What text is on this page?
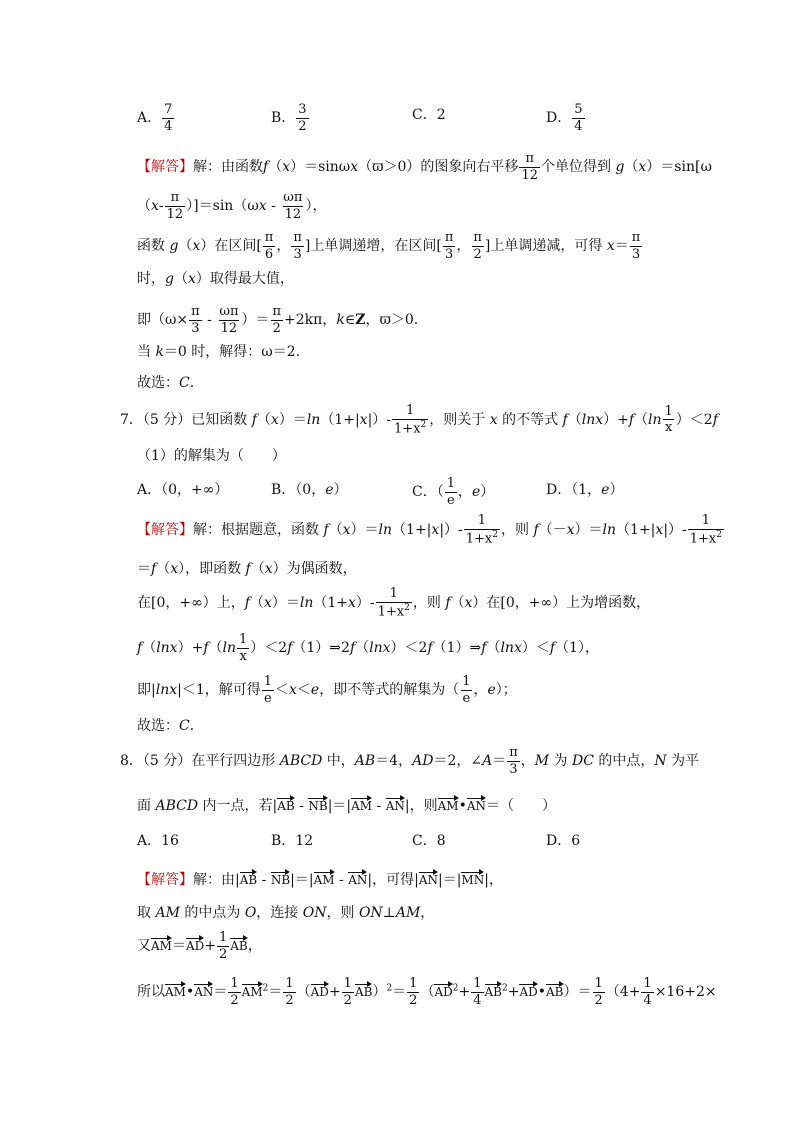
A． $\frac{7}{4}$	B． $\frac{3}{2}$	C．2	D． $\frac{5}{4}$
【解答】解：由函数f（x）＝sinωx（ϖ＞0）的图象向右平移 $\frac{\pi}{12}$ 个单位得到 g（x）＝sin[ω
$(x- \frac{\pi}{12} )]=\sin(\omega x - \frac{\omega\pi}{12}$ ），
函数 g（x）在区间[ $\frac{\pi}{6}$ ， $\frac{\pi}{3}$ ]上单调递增，在区间[ $\frac{\pi}{3}$ ， $\frac{\pi}{2}$ ]上单调递减，可得 $x= \frac{\pi}{3}$
时，g（x）取得最大值，
即（$\omega\times \frac{\pi}{3} - \frac{\omega\pi}{12}$ ）＝ $\frac{\pi}{2} +2k\pi$，k∈Z，ϖ＞0.
当 k＝0 时，解得：ω＝2.
故选：C.
7．（5 分）已知函数 $f(x)=\ln(1+|x|)- \frac{1}{1+x^2}$ ，则关于 x 的不等式 $f(\ln x)+f(\ln \frac{1}{x} )<2f$
（1）的解集为（　　）
A．（0，+∞）	B．（0，e）	C．（ $\frac{1}{e}$ ，e）	D．（1，e）
【解答】解：根据题意，函数 $f(x)=\ln(1+|x|)- \frac{1}{1+x^2}$ ，则 $f(-x)=\ln(1+|x|)- \frac{1}{1+x^2}$
＝f（x），即函数 f（x）为偶函数，
在[0，+∞）上，$f(x)=\ln(1+x)- \frac{1}{1+x^2}$ ，则 f（x）在[0，+∞）上为增函数，
$f(\ln x)+f(\ln \frac{1}{x}$ ）＜2f（1）⇒2f（lnx）＜2f（1）⇒f（lnx）＜f（1），
即|lnx|＜1，解可得 $\frac{1}{e} <x<e$，即不等式的解集为（ $\frac{1}{e}$ ，e）；
故选：C.
8．（5 分）在平行四边形 ABCD 中，AB＝4，AD＝2，∠A＝ $\frac{\pi}{3}$ ，M 为 DC 的中点，N 为平
面 ABCD 内一点，若|AB - NB|＝|AM - AN|，则AM•AN＝（　　）
A．16	B．12	C．8	D．6
【解答】解：由|AB - NB|＝|AM - AN|，可得|AN|＝|MN|，
取 AM 的中点为 O，连接 ON，则 ON⊥AM，
又$AM=AD+ \frac{1}{2}$ AB，
所以AM•AN＝ $\frac{1}{2} AM^2= \frac{1}{2} (AD+ \frac{1}{2} AB)^2= \frac{1}{2} (AD^2+ \frac{1}{4}$ $AB^2+AD•AB)= \frac{1}{2} (4+ \frac{1}{4} \times 16+2\times$
